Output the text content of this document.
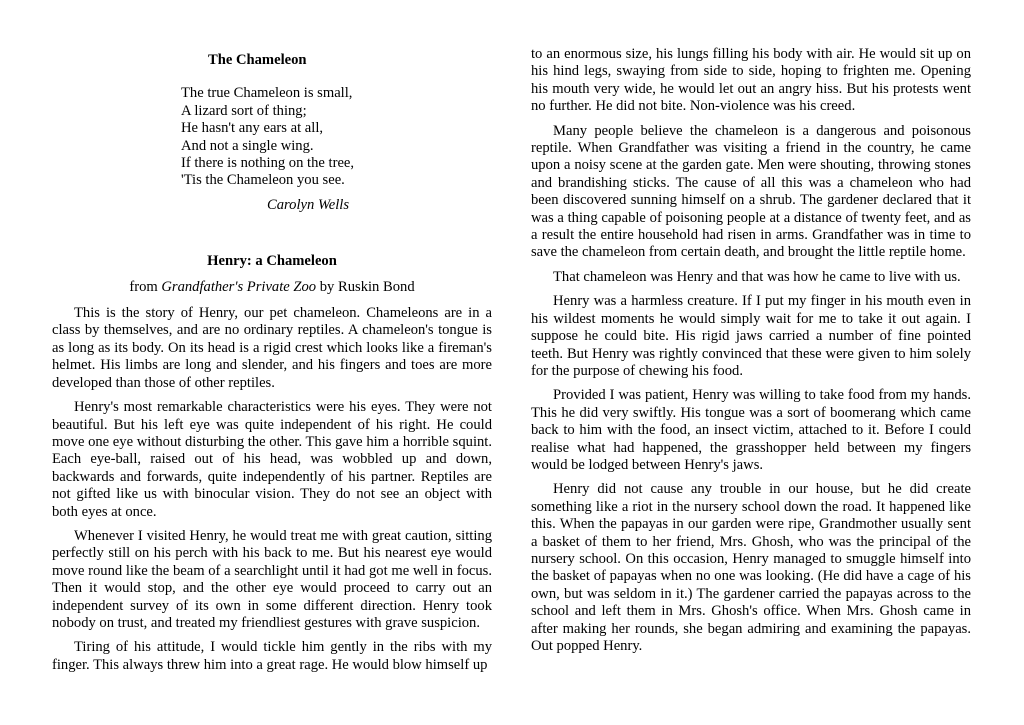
The Chameleon
The true Chameleon is small,
A lizard sort of thing;
He hasn't any ears at all,
And not a single wing.
If there is nothing on the tree,
'Tis the Chameleon you see.
Carolyn Wells
Henry: a Chameleon
from Grandfather's Private Zoo by Ruskin Bond

This is the story of Henry, our pet chameleon. Chameleons are in a class by themselves, and are no ordinary reptiles. A chameleon's tongue is as long as its body. On its head is a rigid crest which looks like a fireman's helmet. His limbs are long and slender, and his fingers and toes are more developed than those of other reptiles.

Henry's most remarkable characteristics were his eyes. They were not beautiful. But his left eye was quite independent of his right. He could move one eye without disturbing the other. This gave him a horrible squint. Each eye-ball, raised out of his head, was wobbled up and down, backwards and forwards, quite independently of his partner. Reptiles are not gifted like us with binocular vision. They do not see an object with both eyes at once.

Whenever I visited Henry, he would treat me with great caution, sitting perfectly still on his perch with his back to me. But his nearest eye would move round like the beam of a searchlight until it had got me well in focus. Then it would stop, and the other eye would proceed to carry out an independent survey of its own in some different direction. Henry took nobody on trust, and treated my friendliest gestures with grave suspicion.

Tiring of his attitude, I would tickle him gently in the ribs with my finger. This always threw him into a great rage. He would blow himself up

to an enormous size, his lungs filling his body with air. He would sit up on his hind legs, swaying from side to side, hoping to frighten me. Opening his mouth very wide, he would let out an angry hiss. But his protests went no further. He did not bite. Non-violence was his creed.

Many people believe the chameleon is a dangerous and poisonous reptile. When Grandfather was visiting a friend in the country, he came upon a noisy scene at the garden gate. Men were shouting, throwing stones and brandishing sticks. The cause of all this was a chameleon who had been discovered sunning himself on a shrub. The gardener declared that it was a thing capable of poisoning people at a distance of twenty feet, and as a result the entire household had risen in arms. Grandfather was in time to save the chameleon from certain death, and brought the little reptile home.

That chameleon was Henry and that was how he came to live with us.

Henry was a harmless creature. If I put my finger in his mouth even in his wildest moments he would simply wait for me to take it out again. I suppose he could bite. His rigid jaws carried a number of fine pointed teeth. But Henry was rightly convinced that these were given to him solely for the purpose of chewing his food.

Provided I was patient, Henry was willing to take food from my hands. This he did very swiftly. His tongue was a sort of boomerang which came back to him with the food, an insect victim, attached to it. Before I could realise what had happened, the grasshopper held between my fingers would be lodged between Henry's jaws.

Henry did not cause any trouble in our house, but he did create something like a riot in the nursery school down the road. It happened like this. When the papayas in our garden were ripe, Grandmother usually sent a basket of them to her friend, Mrs. Ghosh, who was the principal of the nursery school. On this occasion, Henry managed to smuggle himself into the basket of papayas when no one was looking. (He did have a cage of his own, but was seldom in it.) The gardener carried the papayas across to the school and left them in Mrs. Ghosh's office. When Mrs. Ghosh came in after making her rounds, she began admiring and examining the papayas. Out popped Henry.
